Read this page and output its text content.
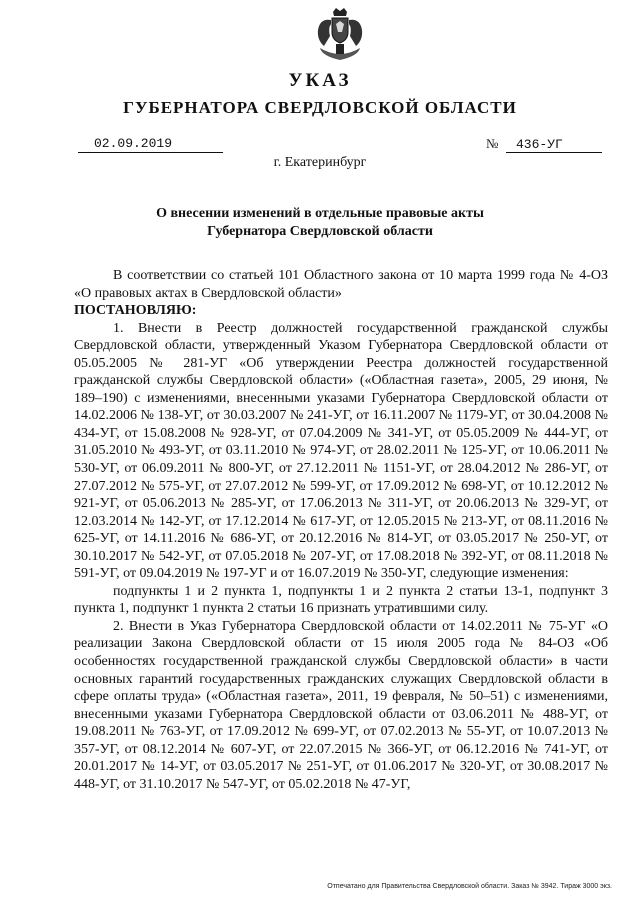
УКАЗ
ГУБЕРНАТОРА СВЕРДЛОВСКОЙ ОБЛАСТИ
02.09.2019	№ 436-УГ
г. Екатеринбург
О внесении изменений в отдельные правовые акты
Губернатора Свердловской области

В соответствии со статьей 101 Областного закона от 10 марта 1999 года № 4-ОЗ «О правовых актах в Свердловской области»

ПОСТАНОВЛЯЮ:

1. Внести в Реестр должностей государственной гражданской службы Свердловской области, утвержденный Указом Губернатора Свердловской области от 05.05.2005 № 281-УГ «Об утверждении Реестра должностей государственной гражданской службы Свердловской области» («Областная газета», 2005, 29 июня, № 189–190) с изменениями, внесенными указами Губернатора Свердловской области от 14.02.2006 № 138-УГ, от 30.03.2007 № 241-УГ, от 16.11.2007 № 1179-УГ, от 30.04.2008 № 434-УГ, от 15.08.2008 № 928-УГ, от 07.04.2009 № 341-УГ, от 05.05.2009 № 444-УГ, от 31.05.2010 № 493-УГ, от 03.11.2010 № 974-УГ, от 28.02.2011 № 125-УГ, от 10.06.2011 № 530-УГ, от 06.09.2011 № 800-УГ, от 27.12.2011 № 1151-УГ, от 28.04.2012 № 286-УГ, от 27.07.2012 № 575-УГ, от 27.07.2012 № 599-УГ, от 17.09.2012 № 698-УГ, от 10.12.2012 № 921-УГ, от 05.06.2013 № 285-УГ, от 17.06.2013 № 311-УГ, от 20.06.2013 № 329-УГ, от 12.03.2014 № 142-УГ, от 17.12.2014 № 617-УГ, от 12.05.2015 № 213-УГ, от 08.11.2016 № 625-УГ, от 14.11.2016 № 686-УГ, от 20.12.2016 № 814-УГ, от 03.05.2017 № 250-УГ, от 30.10.2017 № 542-УГ, от 07.05.2018 № 207-УГ, от 17.08.2018 № 392-УГ, от 08.11.2018 № 591-УГ, от 09.04.2019 № 197-УГ и от 16.07.2019 № 350-УГ, следующие изменения:

подпункты 1 и 2 пункта 1, подпункты 1 и 2 пункта 2 статьи 13-1, подпункт 3 пункта 1, подпункт 1 пункта 2 статьи 16 признать утратившими силу.

2. Внести в Указ Губернатора Свердловской области от 14.02.2011 № 75-УГ «О реализации Закона Свердловской области от 15 июля 2005 года № 84-ОЗ «Об особенностях государственной гражданской службы Свердловской области» в части основных гарантий государственных гражданских служащих Свердловской области в сфере оплаты труда» («Областная газета», 2011, 19 февраля, № 50–51) с изменениями, внесенными указами Губернатора Свердловской области от 03.06.2011 № 488-УГ, от 19.08.2011 № 763-УГ, от 17.09.2012 № 699-УГ, от 07.02.2013 № 55-УГ, от 10.07.2013 № 357-УГ, от 08.12.2014 № 607-УГ, от 22.07.2015 № 366-УГ, от 06.12.2016 № 741-УГ, от 20.01.2017 № 14-УГ, от 03.05.2017 № 251-УГ, от 01.06.2017 № 320-УГ, от 30.08.2017 № 448-УГ, от 31.10.2017 № 547-УГ, от 05.02.2018 № 47-УГ,

Отпечатано для Правительства Свердловской области. Заказ № 3942. Тираж 3000 экз.
